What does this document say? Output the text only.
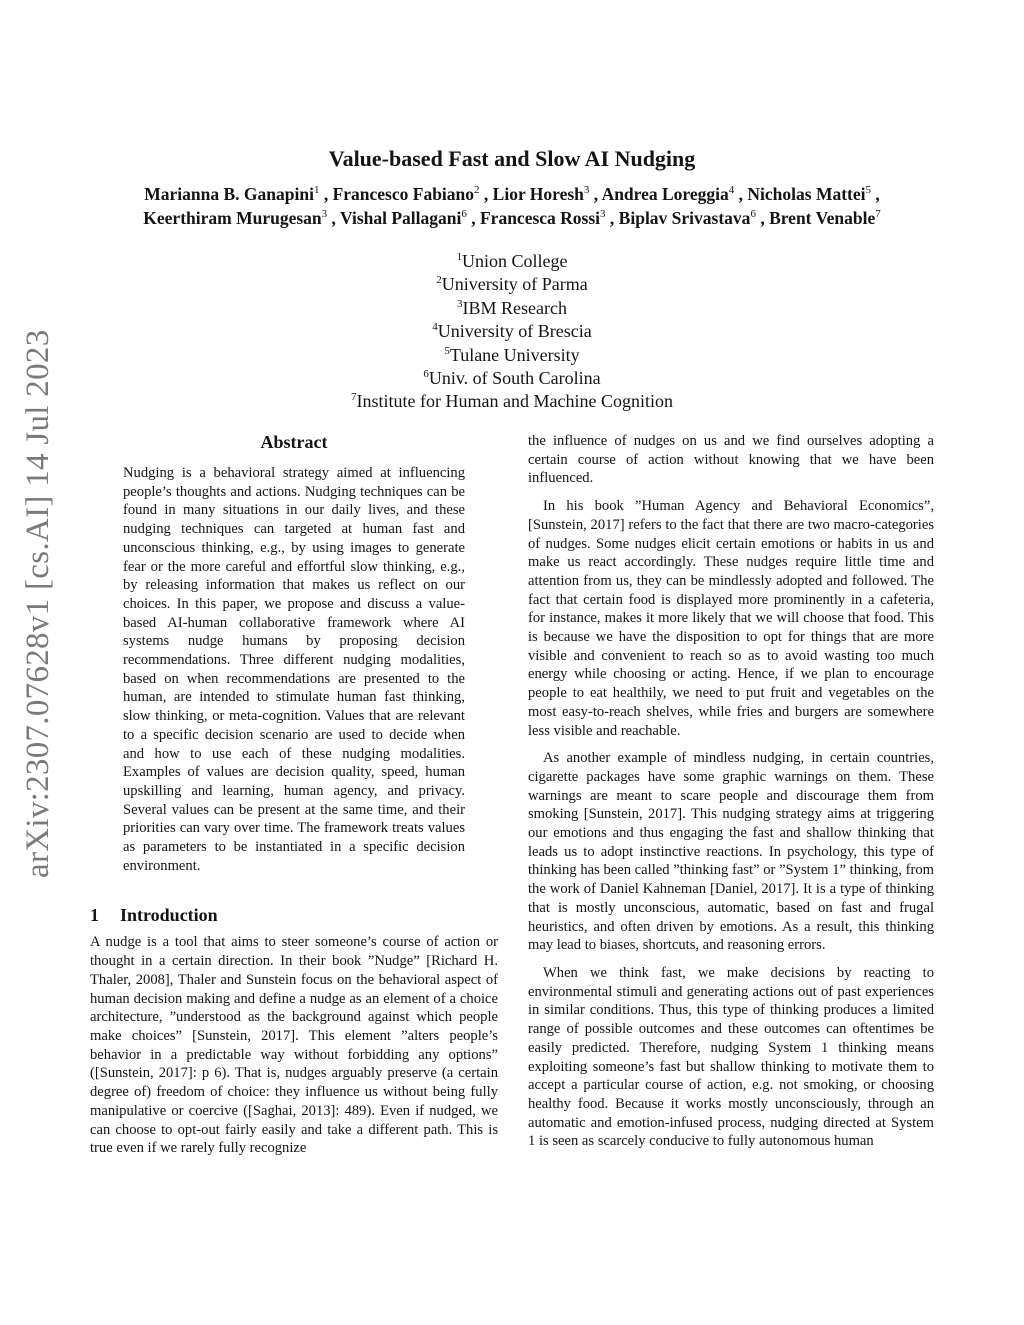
arXiv:2307.07628v1 [cs.AI] 14 Jul 2023
Value-based Fast and Slow AI Nudging
Marianna B. Ganapini$^1$ , Francesco Fabiano$^2$ , Lior Horesh$^3$ , Andrea Loreggia$^4$ , Nicholas Mattei$^5$ , Keerthiram Murugesan$^3$ , Vishal Pallagani$^6$ , Francesca Rossi$^3$ , Biplav Srivastava$^6$ , Brent Venable$^7$
$^1$Union College
$^2$University of Parma
$^3$IBM Research
$^4$University of Brescia
$^5$Tulane University
$^6$Univ. of South Carolina
$^7$Institute for Human and Machine Cognition
Abstract

Nudging is a behavioral strategy aimed at influencing people’s thoughts and actions. Nudging techniques can be found in many situations in our daily lives, and these nudging techniques can targeted at human fast and unconscious thinking, e.g., by using images to generate fear or the more careful and effortful slow thinking, e.g., by releasing information that makes us reflect on our choices. In this paper, we propose and discuss a value-based AI-human collaborative framework where AI systems nudge humans by proposing decision recommendations. Three different nudging modalities, based on when recommendations are presented to the human, are intended to stimulate human fast thinking, slow thinking, or meta-cognition. Values that are relevant to a specific decision scenario are used to decide when and how to use each of these nudging modalities. Examples of values are decision quality, speed, human upskilling and learning, human agency, and privacy. Several values can be present at the same time, and their priorities can vary over time. The framework treats values as parameters to be instantiated in a specific decision environment.

1 Introduction

A nudge is a tool that aims to steer someone’s course of action or thought in a certain direction. In their book ”Nudge” [Richard H. Thaler, 2008], Thaler and Sunstein focus on the behavioral aspect of human decision making and define a nudge as an element of a choice architecture, ”understood as the background against which people make choices” [Sunstein, 2017]. This element ”alters people’s behavior in a predictable way without forbidding any options” ([Sunstein, 2017]: p 6). That is, nudges arguably preserve (a certain degree of) freedom of choice: they influence us without being fully manipulative or coercive ([Saghai, 2013]: 489). Even if nudged, we can choose to opt-out fairly easily and take a different path. This is true even if we rarely fully recognize

the influence of nudges on us and we find ourselves adopting a certain course of action without knowing that we have been influenced.

In his book ”Human Agency and Behavioral Economics”, [Sunstein, 2017] refers to the fact that there are two macro-categories of nudges. Some nudges elicit certain emotions or habits in us and make us react accordingly. These nudges require little time and attention from us, they can be mindlessly adopted and followed. The fact that certain food is displayed more prominently in a cafeteria, for instance, makes it more likely that we will choose that food. This is because we have the disposition to opt for things that are more visible and convenient to reach so as to avoid wasting too much energy while choosing or acting. Hence, if we plan to encourage people to eat healthily, we need to put fruit and vegetables on the most easy-to-reach shelves, while fries and burgers are somewhere less visible and reachable.

As another example of mindless nudging, in certain countries, cigarette packages have some graphic warnings on them. These warnings are meant to scare people and discourage them from smoking [Sunstein, 2017]. This nudging strategy aims at triggering our emotions and thus engaging the fast and shallow thinking that leads us to adopt instinctive reactions. In psychology, this type of thinking has been called ”thinking fast” or ”System 1” thinking, from the work of Daniel Kahneman [Daniel, 2017]. It is a type of thinking that is mostly unconscious, automatic, based on fast and frugal heuristics, and often driven by emotions. As a result, this thinking may lead to biases, shortcuts, and reasoning errors.

When we think fast, we make decisions by reacting to environmental stimuli and generating actions out of past experiences in similar conditions. Thus, this type of thinking produces a limited range of possible outcomes and these outcomes can oftentimes be easily predicted. Therefore, nudging System 1 thinking means exploiting someone’s fast but shallow thinking to motivate them to accept a particular course of action, e.g. not smoking, or choosing healthy food. Because it works mostly unconsciously, through an automatic and emotion-infused process, nudging directed at System 1 is seen as scarcely conducive to fully autonomous human
